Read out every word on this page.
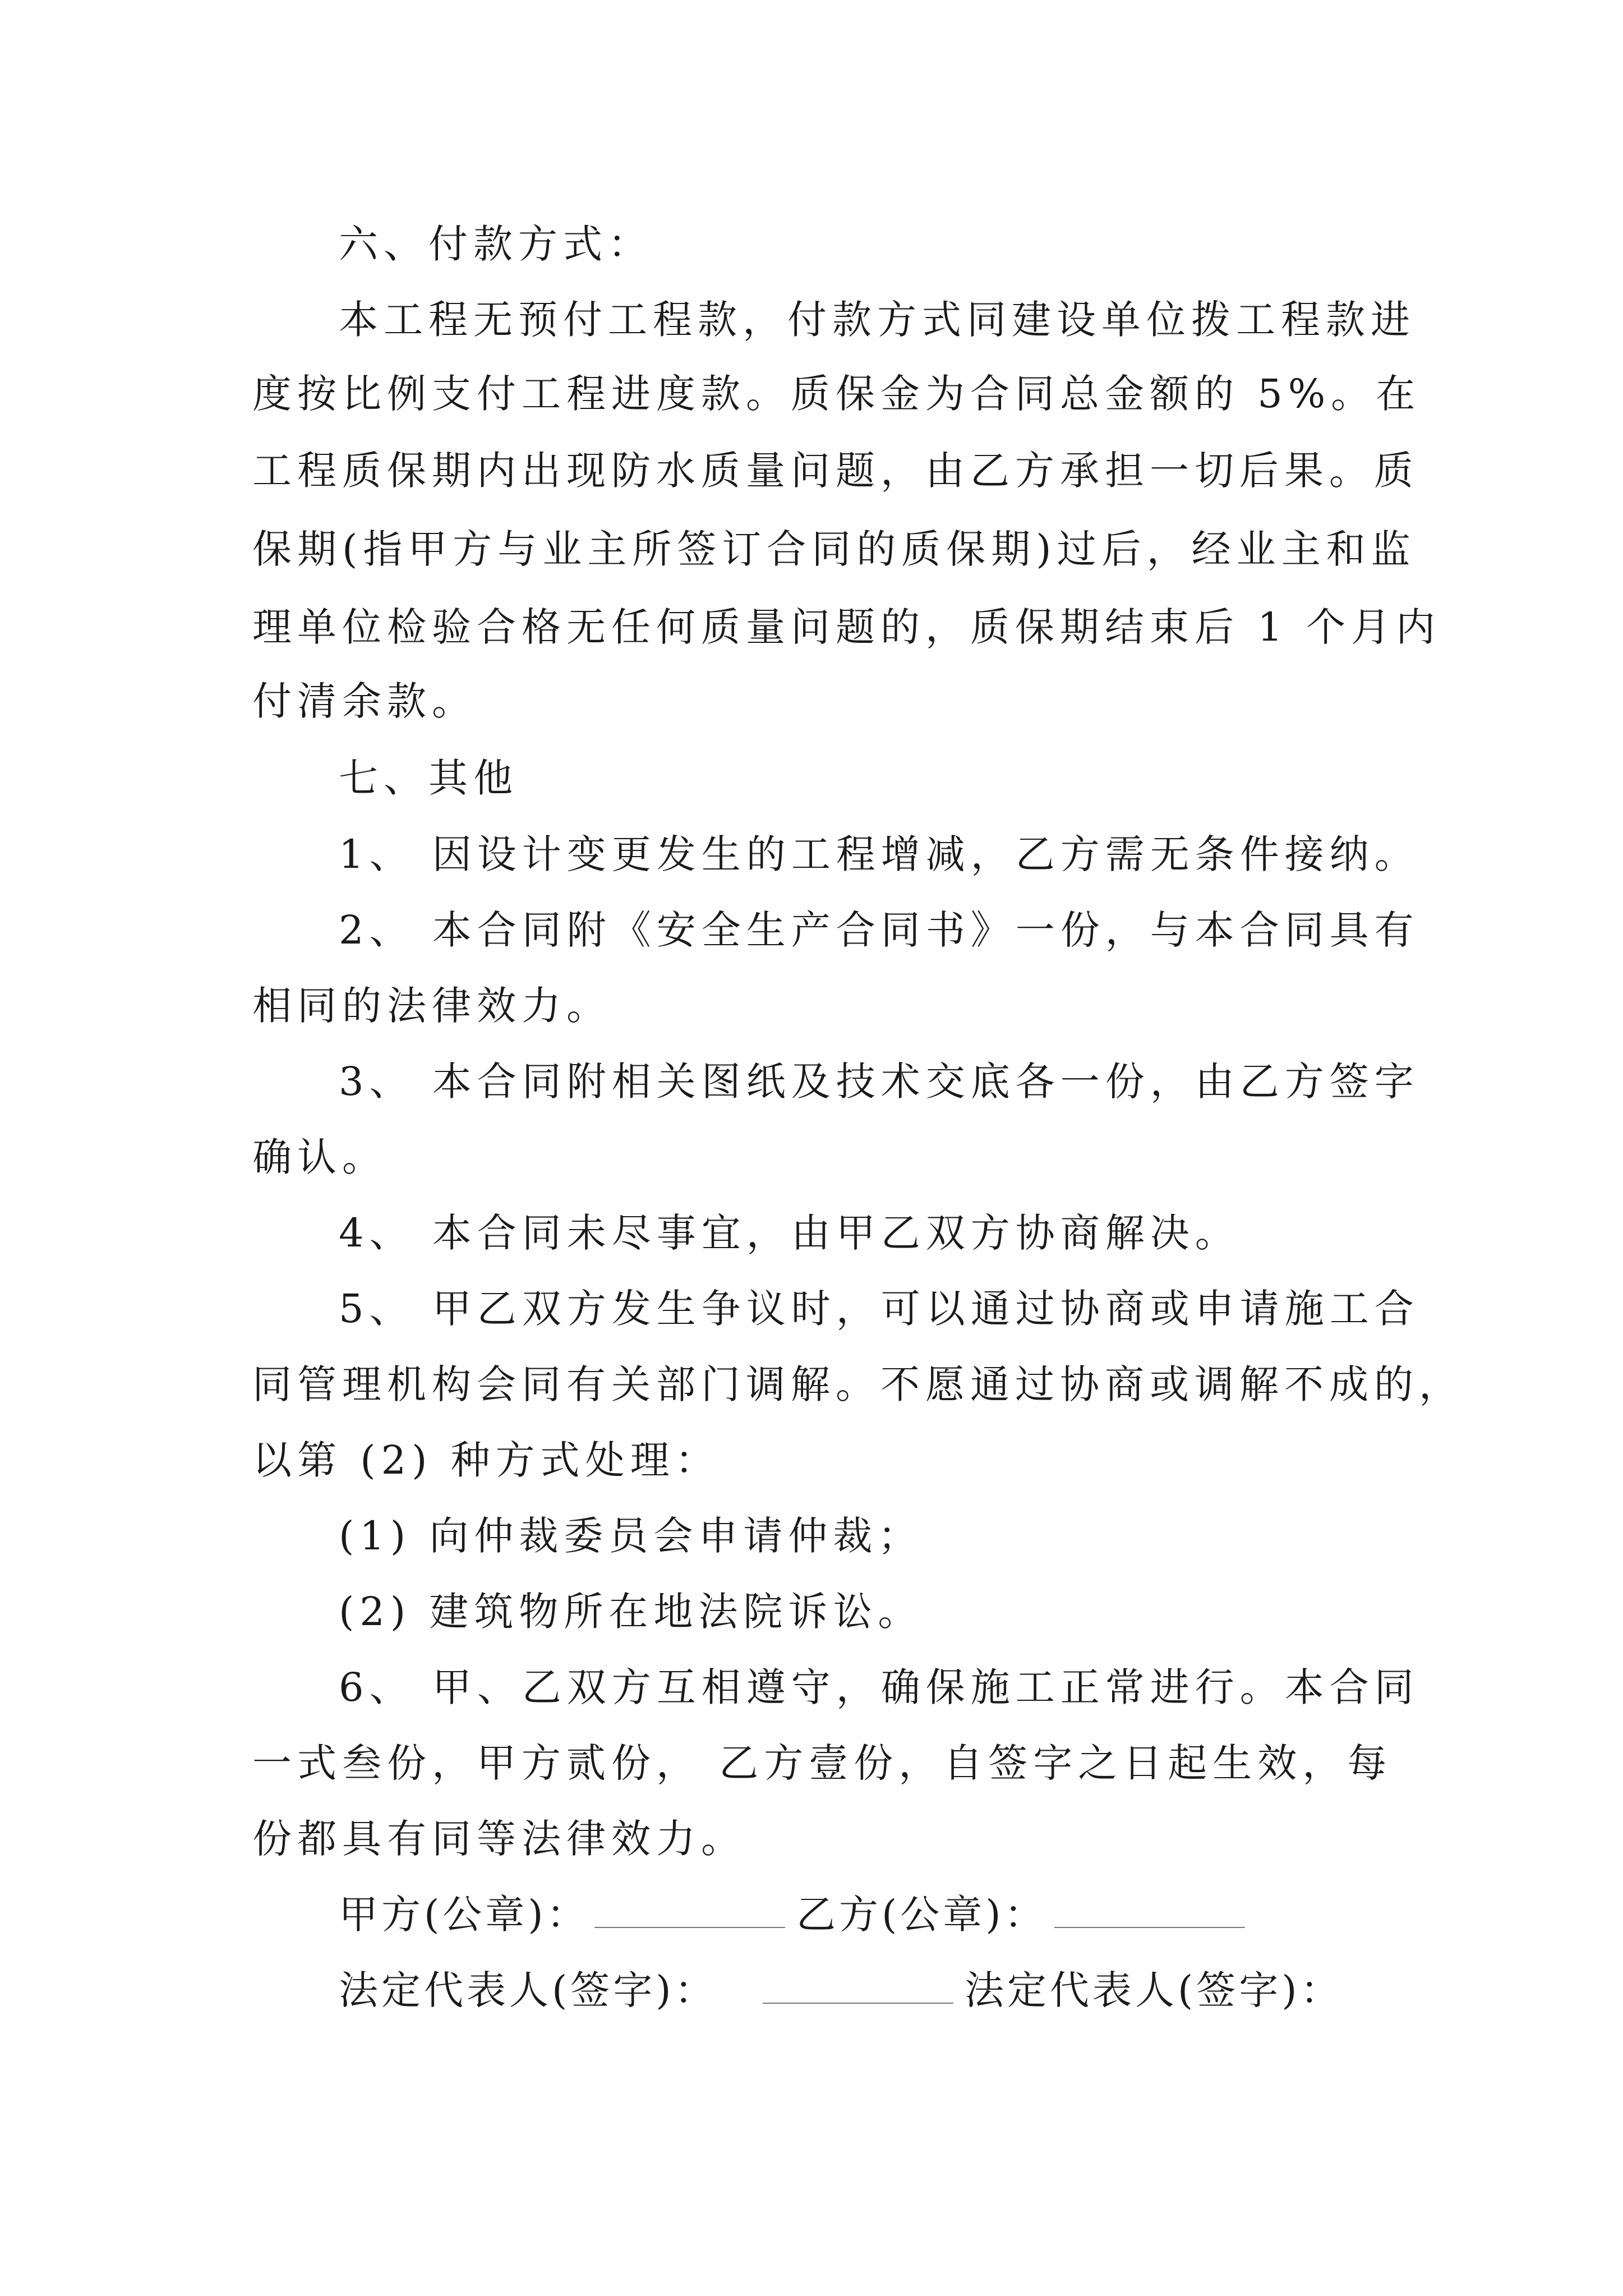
六、付款方式：
本工程无预付工程款，付款方式同建设单位拨工程款进
度按比例支付工程进度款。质保金为合同总金额的 5%。在
工程质保期内出现防水质量问题，由乙方承担一切后果。质
保期(指甲方与业主所签订合同的质保期)过后，经业主和监
理单位检验合格无任何质量问题的，质保期结束后 1 个月内
付清余款。
七、其他
1、 因设计变更发生的工程增减，乙方需无条件接纳。
2、 本合同附《安全生产合同书》一份，与本合同具有
相同的法律效力。
3、 本合同附相关图纸及技术交底各一份，由乙方签字
确认。
4、 本合同未尽事宜，由甲乙双方协商解决。
5、 甲乙双方发生争议时，可以通过协商或申请施工合
同管理机构会同有关部门调解。不愿通过协商或调解不成的，
以第 (2) 种方式处理：
(1) 向仲裁委员会申请仲裁；
(2) 建筑物所在地法院诉讼。
6、 甲、乙双方互相遵守，确保施工正常进行。本合同
一式叁份，甲方贰份， 乙方壹份，自签字之日起生效，每
份都具有同等法律效力。
甲方(公章)：	乙方(公章)：
法定代表人(签字)：	法定代表人(签字)：
